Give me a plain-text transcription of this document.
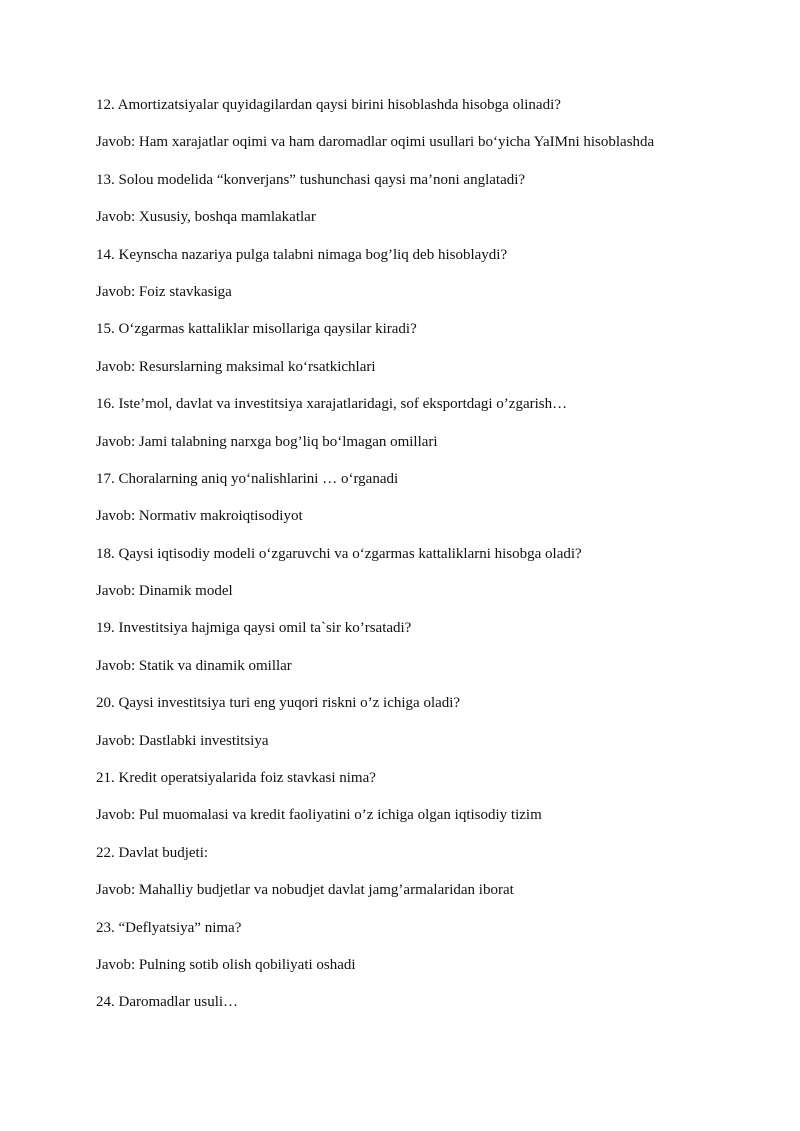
12. Amortizatsiyalar quyidagilardan qaysi birini hisoblashda hisobga olinadi?
Javob: Ham xarajatlar oqimi va ham daromadlar oqimi usullari bo‘yicha YaIMni hisoblashda
13. Solou modelida “konverjans” tushunchasi qaysi ma’noni anglatadi?
Javob: Xususiy, boshqa mamlakatlar
14. Keynscha nazariya pulga talabni nimaga bog’liq deb hisoblaydi?
Javob: Foiz stavkasiga
15. O‘zgarmas kattaliklar misollariga qaysilar kiradi?
Javob: Resurslarning maksimal ko‘rsatkichlari
16. Iste’mol, davlat va investitsiya xarajatlaridagi, sof eksportdagi o’zgarish…
Javob: Jami talabning narxga bog’liq bo‘lmagan omillari
17. Choralarning aniq yo‘nalishlarini … o‘rganadi
Javob: Normativ makroiqtisodiyot
18. Qaysi iqtisodiy modeli o‘zgaruvchi va o‘zgarmas kattaliklarni hisobga oladi?
Javob: Dinamik model
19. Investitsiya hajmiga qaysi omil ta`sir ko’rsatadi?
Javob: Statik va dinamik omillar
20. Qaysi investitsiya turi eng yuqori riskni o’z ichiga oladi?
Javob: Dastlabki investitsiya
21. Kredit operatsiyalarida foiz stavkasi nima?
Javob: Pul muomalasi va kredit faoliyatini o’z ichiga olgan iqtisodiy tizim
22. Davlat budjeti:
Javob: Mahalliy budjetlar va nobudjet davlat jamg’armalaridan iborat
23. “Deflyatsiya” nima?
Javob: Pulning sotib olish qobiliyati oshadi
24. Daromadlar usuli…
